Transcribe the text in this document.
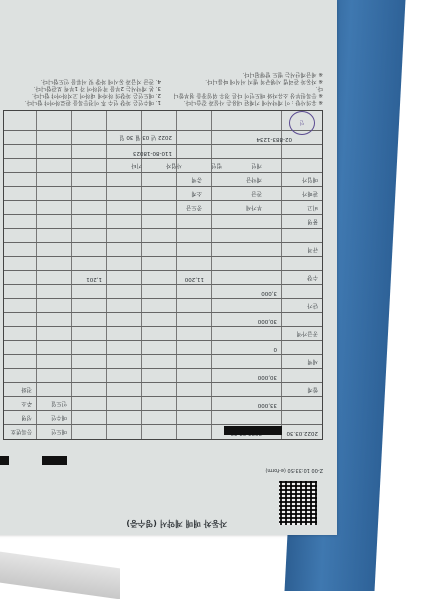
자동차 매매 계약서 (영수증)
Z-00 10:33:50 (e-form)
2022.03.30
합계
세액
공급가액
단가
수량
규격
품명
33,000
30,000
0
30,000
3,000
11,200
1,201
매도인
매수인
인도일
등록번호
성명
주소
전화
2022 년 03 월 30 일	02-883-1234
110-80-18023
개인
법인
사업자
기타
비고
판매가
매입가
부가세
잔금
계약금
중도금
소계
총액
인
※ 유의사항 : 이 계약서에 기재된 내용은 사실과 같습니다.
※ 등록원부상 소유자와 매도인이 다른 경우 위임장을 첨부합니다.
※ 자동차 관리법 시행규칙 별지 서식에 따릅니다.
※ 세금계산서는 별도 발행됩니다.
1. 매수인은 차량 인수 후 이전등록을 완료하여야 합니다.
2. 매도인은 차량의 하자에 대하여 고지하여야 합니다.
3. 본 계약서는 2부를 작성하여 각 1부씩 보관합니다.
4. 잔금 지급과 동시에 차량 및 서류를 인도합니다.
